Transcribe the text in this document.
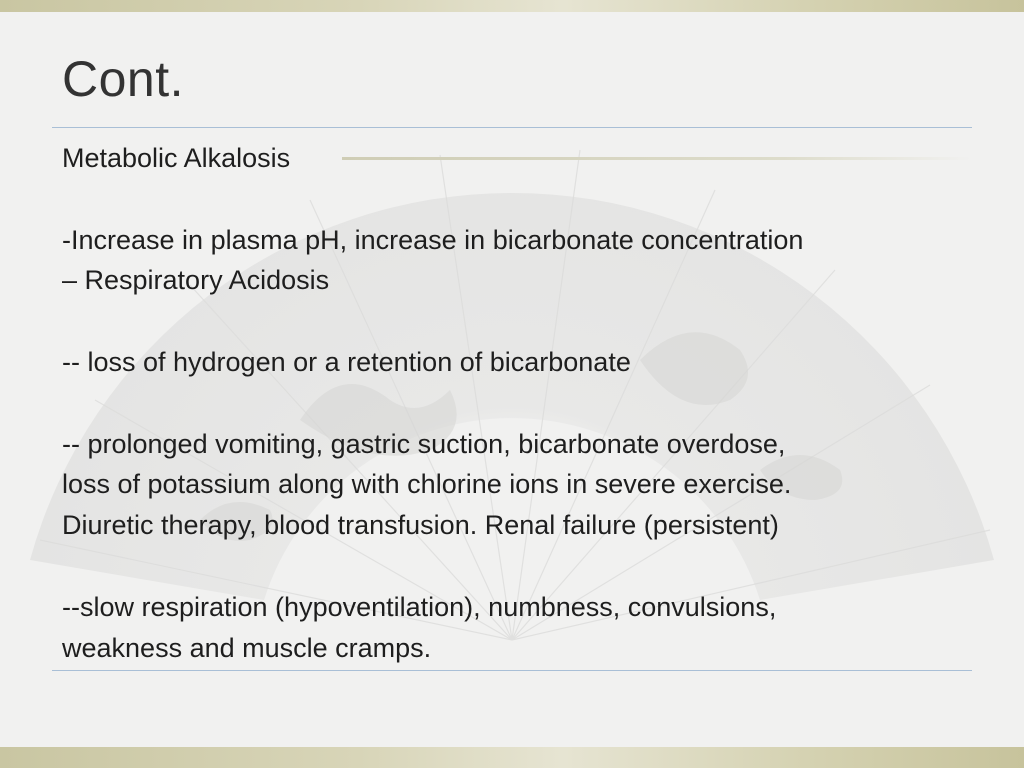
Cont.

Metabolic Alkalosis

-Increase in plasma pH, increase in bicarbonate concentration
– Respiratory Acidosis

-- loss of hydrogen or a retention of bicarbonate

-- prolonged vomiting, gastric suction, bicarbonate overdose,
loss of potassium along with chlorine ions in severe exercise.
Diuretic therapy, blood transfusion. Renal failure (persistent)

--slow respiration (hypoventilation), numbness, convulsions,
weakness and muscle cramps.
